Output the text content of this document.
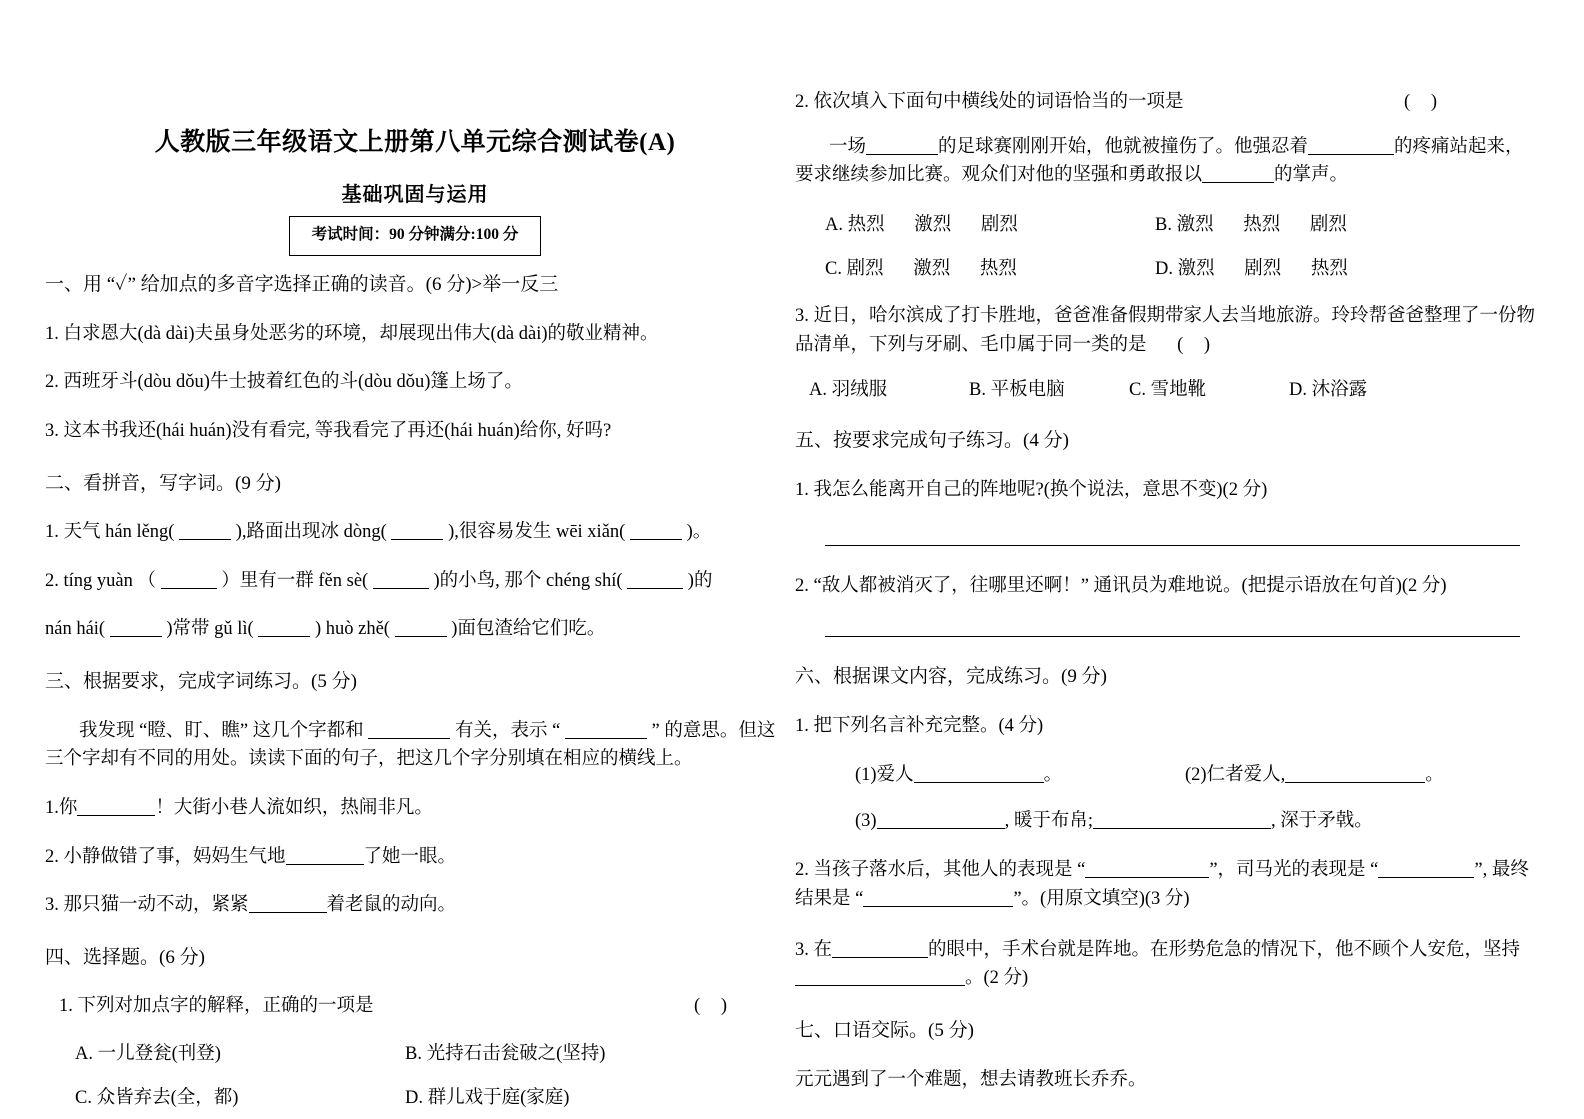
人教版三年级语文上册第八单元综合测试卷(A)
基础巩固与运用
考试时间：90 分钟满分:100 分
一、用 “✓” 给加点的多音字选择正确的读音。(6 分)>举一反三
1. 白求恩大(dà dài)夫虽身处恶劣的环境，却展现出伟大(dà dài)的敬业精神。
2. 西班牙斗(dòu dǒu)牛士披着红色的斗(dòu dǒu)篷上场了。
3. 这本书我还(hái huán)没有看完, 等我看完了再还(hái huán)给你, 好吗?
二、看拼音，写字词。(9 分)
1. 天气 hán lěng(	),路面出现冰 dòng(	),很容易发生 wēi xiǎn(	)。
2. tíng yuàn （	）里有一群 fěn sè(	)的小鸟, 那个 chéng shí(	)的
nán hái(	)常带 gǔ lì(	) huò zhě(	)面包渣给它们吃。
三、根据要求，完成字词练习。(5 分)
我发现 “瞪、盯、瞧” 这几个字都和	有关，表示 “	” 的意思。但这三个字却有不同的用处。读读下面的句子，把这几个字分别填在相应的横线上。
1.你	！大街小巷人流如织，热闹非凡。
2. 小静做错了事，妈妈生气地	了她一眼。
3. 那只猫一动不动，紧紧	着老鼠的动向。
四、选择题。(6 分)
1. 下列对加点字的解释，正确的一项是	( )
A. 一儿登瓮(刊登)	B. 光持石击瓮破之(坚持)
C. 众皆弃去(全，都)	D. 群儿戏于庭(家庭)
2. 依次填入下面句中横线处的词语恰当的一项是	( )
一场	的足球赛刚刚开始，他就被撞伤了。他强忍着	的疼痛站起来，要求继续参加比赛。观众们对他的坚强和勇敢报以	的掌声。
A. 热烈 激烈 剧烈	B. 激烈 热烈 剧烈
C. 剧烈 激烈 热烈	D. 激烈 剧烈 热烈
3. 近日，哈尔滨成了打卡胜地，爸爸准备假期带家人去当地旅游。玲玲帮爸爸整理了一份物品清单，下列与牙刷、毛巾属于同一类的是 ( )
A. 羽绒服	B. 平板电脑	C. 雪地靴	D. 沐浴露
五、按要求完成句子练习。(4 分)
1. 我怎么能离开自己的阵地呢?(换个说法，意思不变)(2 分)
2. “敌人都被消灭了，往哪里还啊！” 通讯员为难地说。(把提示语放在句首)(2 分)
六、根据课文内容，完成练习。(9 分)
1. 把下列名言补充完整。(4 分)
(1)爱人	。	(2)仁者爱人,	。
(3)	, 暖于布帛;	, 深于矛戟。
2. 当孩子落水后，其他人的表现是 “	”，司马光的表现是 “	”, 最终结果是 “	”。(用原文填空)(3 分)
3. 在	的眼中，手术台就是阵地。在形势危急的情况下，他不顾个人安危，坚持。(2 分)
七、口语交际。(5 分)
元元遇到了一个难题，想去请教班长乔乔。
